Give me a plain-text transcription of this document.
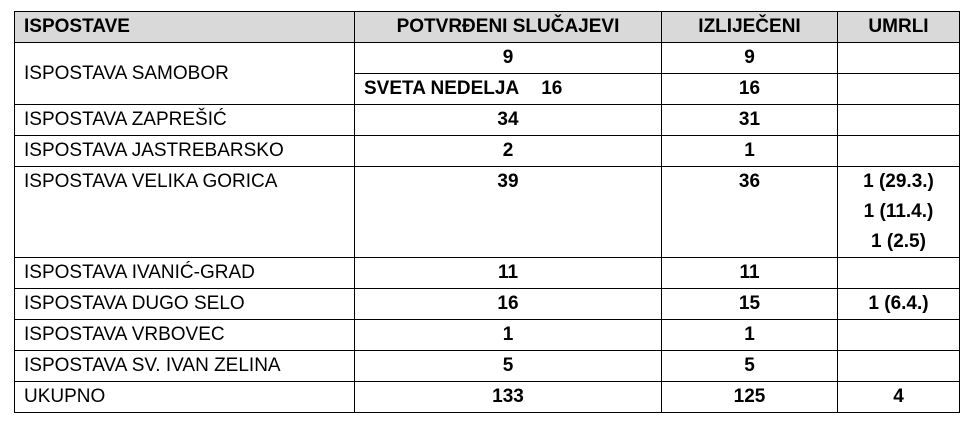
ISPOSTAVE	POTVRĐENI SLUČAJEVI	IZLIJEČENI	UMRLI
ISPOSTAVA SAMOBOR	9	9	
	SVETA NEDELJA 16	16	
ISPOSTAVA ZAPREŠIĆ	34	31	
ISPOSTAVA JASTREBARSKO	2	1	
ISPOSTAVA VELIKA GORICA	39	36	1 (29.3.)
1 (11.4.)
1 (2.5)

ISPOSTAVA IVANIĆ-GRAD	11	11	
ISPOSTAVA DUGO SELO	16	15	1 (6.4.)
ISPOSTAVA VRBOVEC	1	1	
ISPOSTAVA SV. IVAN ZELINA	5	5	
UKUPNO	133	125	4
